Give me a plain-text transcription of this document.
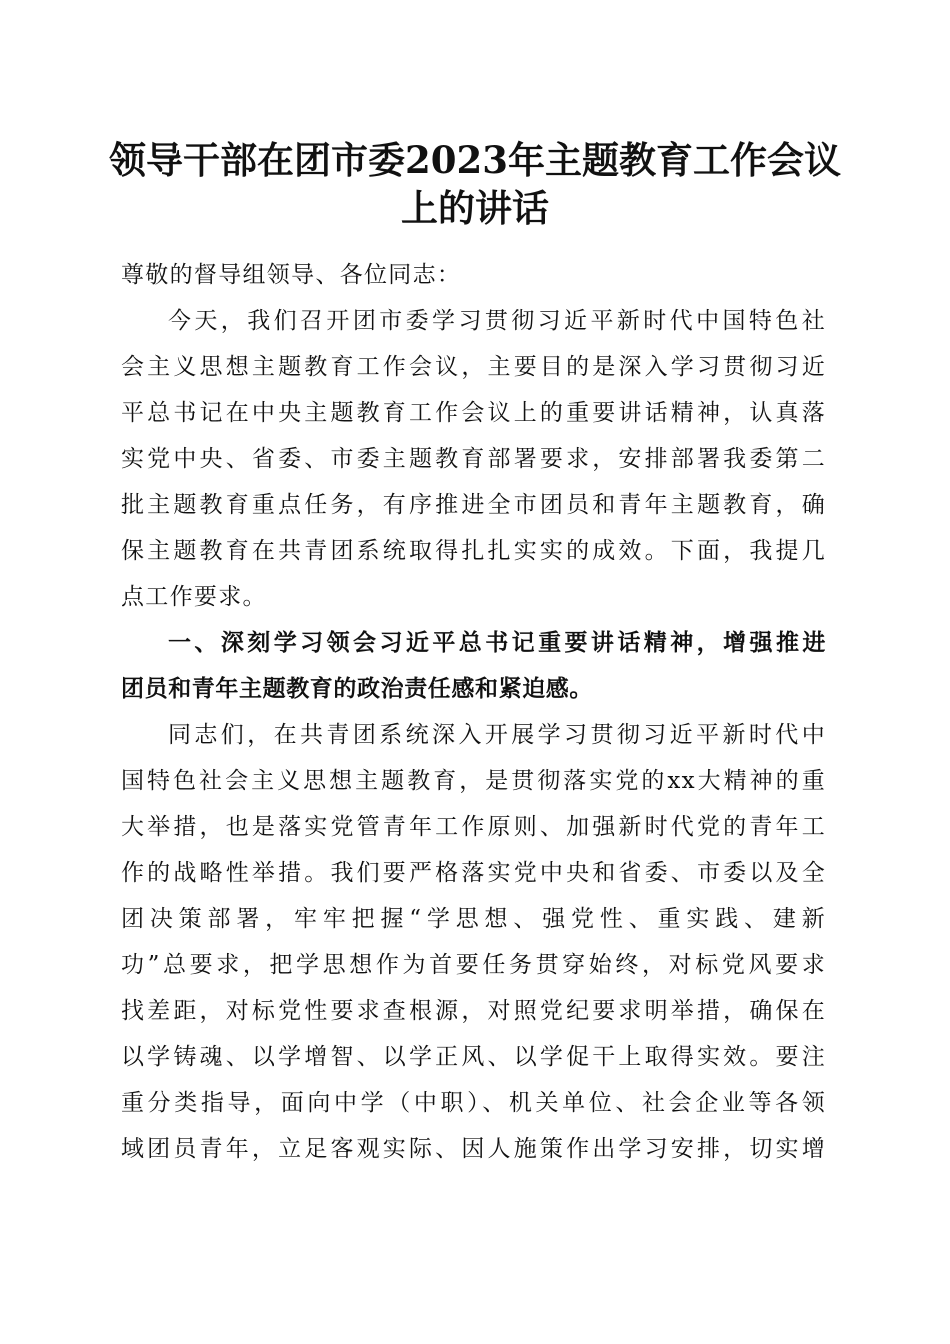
领导干部在团市委2023年主题教育工作会议
上的讲话
尊敬的督导组领导、各位同志：
今天，我们召开团市委学习贯彻习近平新时代中国特色社
会主义思想主题教育工作会议，主要目的是深入学习贯彻习近
平总书记在中央主题教育工作会议上的重要讲话精神，认真落
实党中央、省委、市委主题教育部署要求，安排部署我委第二
批主题教育重点任务，有序推进全市团员和青年主题教育，确
保主题教育在共青团系统取得扎扎实实的成效。下面，我提几
点工作要求。
一、深刻学习领会习近平总书记重要讲话精神，增强推进
团员和青年主题教育的政治责任感和紧迫感。
同志们，在共青团系统深入开展学习贯彻习近平新时代中
国特色社会主义思想主题教育，是贯彻落实党的xx大精神的重
大举措，也是落实党管青年工作原则、加强新时代党的青年工
作的战略性举措。我们要严格落实党中央和省委、市委以及全
团决策部署，牢牢把握“学思想、强党性、重实践、建新
功”总要求，把学思想作为首要任务贯穿始终，对标党风要求
找差距，对标党性要求查根源，对照党纪要求明举措，确保在
以学铸魂、以学增智、以学正风、以学促干上取得实效。要注
重分类指导，面向中学（中职）、机关单位、社会企业等各领
域团员青年，立足客观实际、因人施策作出学习安排，切实增
